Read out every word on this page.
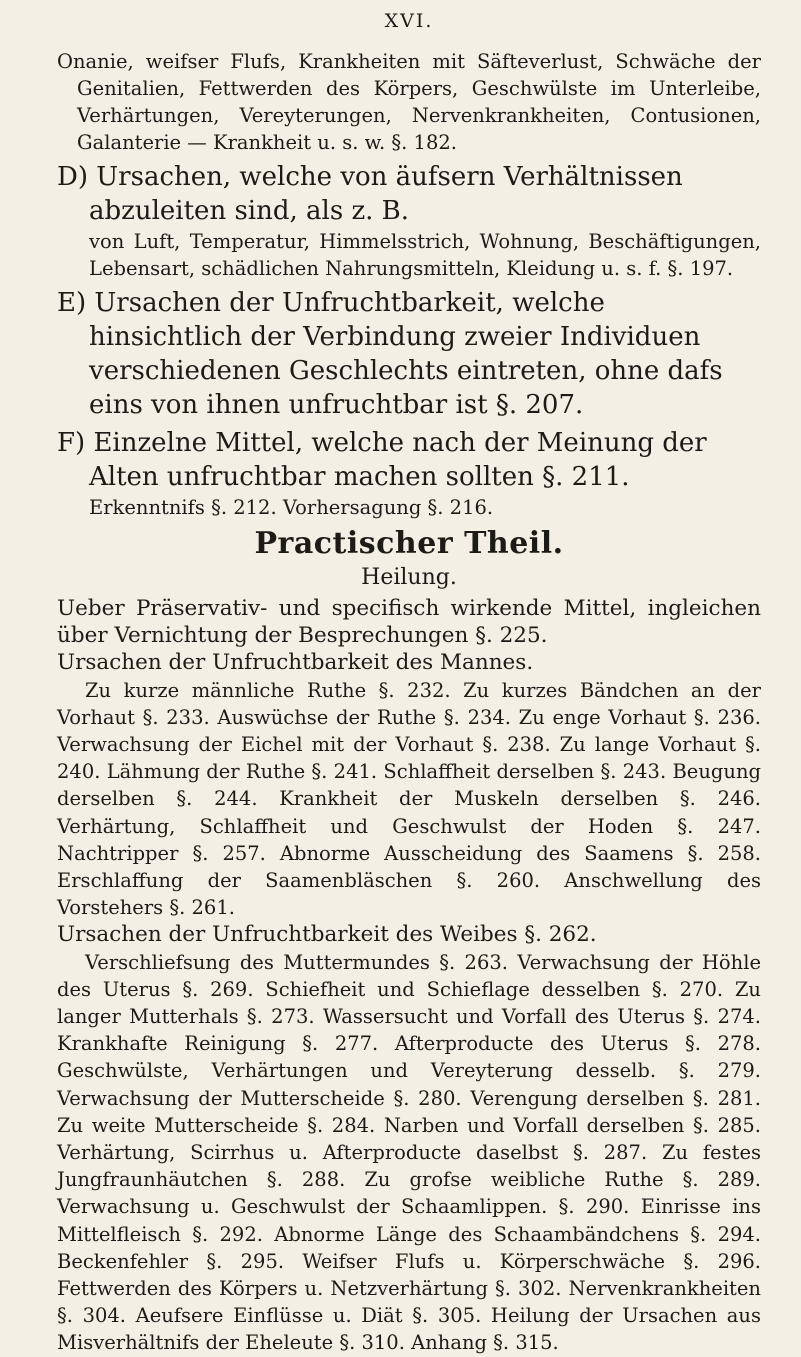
XVI.

Onanie, weifser Flufs, Krankheiten mit Säfteverlust, Schwäche der Genitalien, Fettwerden des Körpers, Geschwülste im Unterleibe, Verhärtungen, Vereyterungen, Nervenkrankheiten, Contusionen, Galanterie — Krankheit u. s. w. §. 182.

D) Ursachen, welche von äufsern Verhältnissen abzuleiten sind, als z. B.

von Luft, Temperatur, Himmelsstrich, Wohnung, Beschäftigungen, Lebensart, schädlichen Nahrungsmitteln, Kleidung u. s. f. §. 197.

E) Ursachen der Unfruchtbarkeit, welche hinsichtlich der Verbindung zweier Individuen verschiedenen Geschlechts eintreten, ohne dafs eins von ihnen unfruchtbar ist §. 207.

F) Einzelne Mittel, welche nach der Meinung der Alten unfruchtbar machen sollten §. 211.

Erkenntnifs §. 212. Vorhersagung §. 216.

Practischer Theil.
Heilung.

Ueber Präservativ- und specifisch wirkende Mittel, ingleichen über Vernichtung der Besprechungen §. 225.

Ursachen der Unfruchtbarkeit des Mannes.

Zu kurze männliche Ruthe §. 232. Zu kurzes Bändchen an der Vorhaut §. 233. Auswüchse der Ruthe §. 234. Zu enge Vorhaut §. 236. Verwachsung der Eichel mit der Vorhaut §. 238. Zu lange Vorhaut §. 240. Lähmung der Ruthe §. 241. Schlaffheit derselben §. 243. Beugung derselben §. 244. Krankheit der Muskeln derselben §. 246. Verhärtung, Schlaffheit und Geschwulst der Hoden §. 247. Nachtripper §. 257. Abnorme Ausscheidung des Saamens §. 258. Erschlaffung der Saamenbläschen §. 260. Anschwellung des Vorstehers §. 261.

Ursachen der Unfruchtbarkeit des Weibes §. 262.

Verschliefsung des Muttermundes §. 263. Verwachsung der Höhle des Uterus §. 269. Schiefheit und Schieflage desselben §. 270. Zu langer Mutterhals §. 273. Wassersucht und Vorfall des Uterus §. 274. Krankhafte Reinigung §. 277. Afterproducte des Uterus §. 278. Geschwülste, Verhärtungen und Vereyterung desselb. §. 279. Verwachsung der Mutterscheide §. 280. Verengung derselben §. 281. Zu weite Mutterscheide §. 284. Narben und Vorfall derselben §. 285. Verhärtung, Scirrhus u. Afterproducte daselbst §. 287. Zu festes Jungfraunhäutchen §. 288. Zu grofse weibliche Ruthe §. 289. Verwachsung u. Geschwulst der Schaamlippen. §. 290. Einrisse ins Mittelfleisch §. 292. Abnorme Länge des Schaambändchens §. 294. Beckenfehler §. 295. Weifser Flufs u. Körperschwäche §. 296. Fettwerden des Körpers u. Netzverhärtung §. 302. Nervenkrankheiten §. 304. Aeufsere Einflüsse u. Diät §. 305. Heilung der Ursachen aus Misverhältnifs der Eheleute §. 310. Anhang §. 315.
